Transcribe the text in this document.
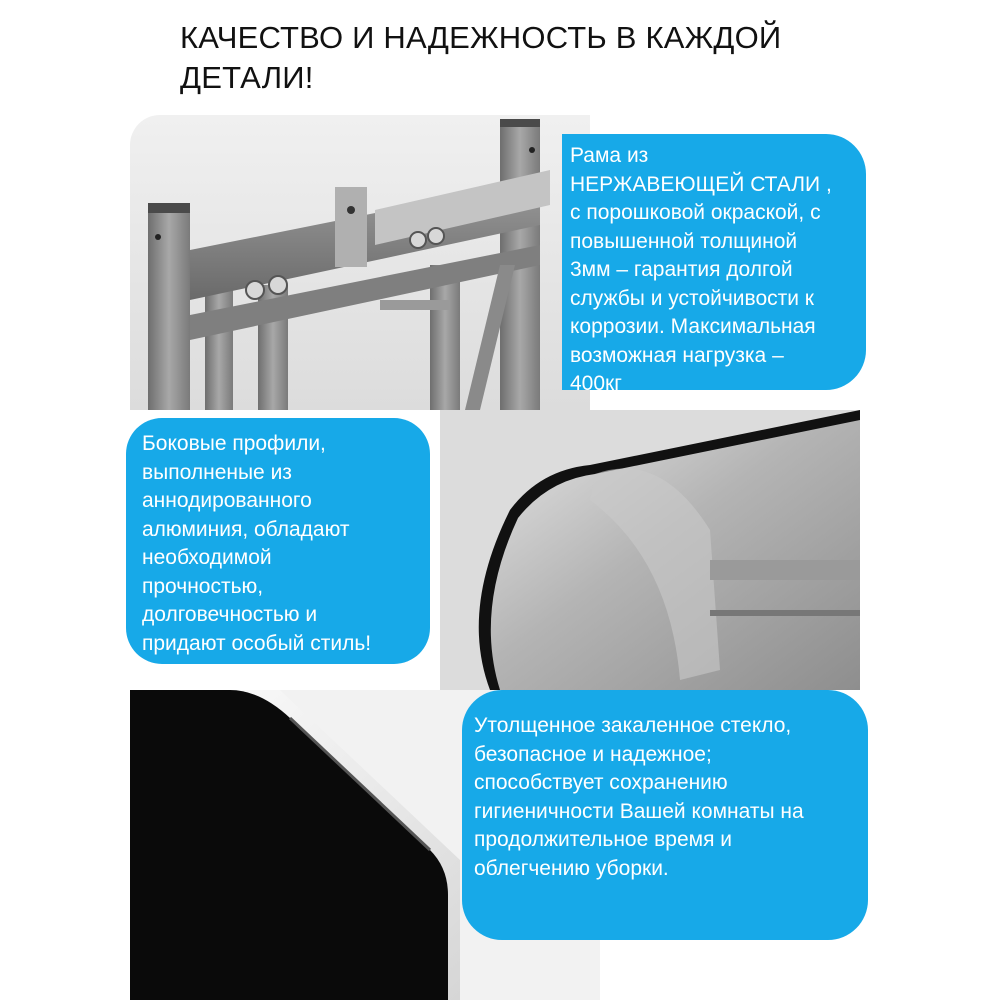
КАЧЕСТВО И НАДЕЖНОСТЬ В КАЖДОЙ
ДЕТАЛИ!
Рама из
НЕРЖАВЕЮЩЕЙ СТАЛИ ,
с порошковой окраской, с
повышенной толщиной
3мм – гарантия долгой
службы и устойчивости к
коррозии. Максимальная
возможная нагрузка –
400кг
Боковые профили,
выполненые из
аннодированного
алюминия, обладают
необходимой
прочностью,
долговечностью и
придают особый стиль!
Утолщенное закаленное стекло,
безопасное и надежное;
способствует сохранению
гигиеничности Вашей комнаты на
продолжительное время и
облегчению уборки.
